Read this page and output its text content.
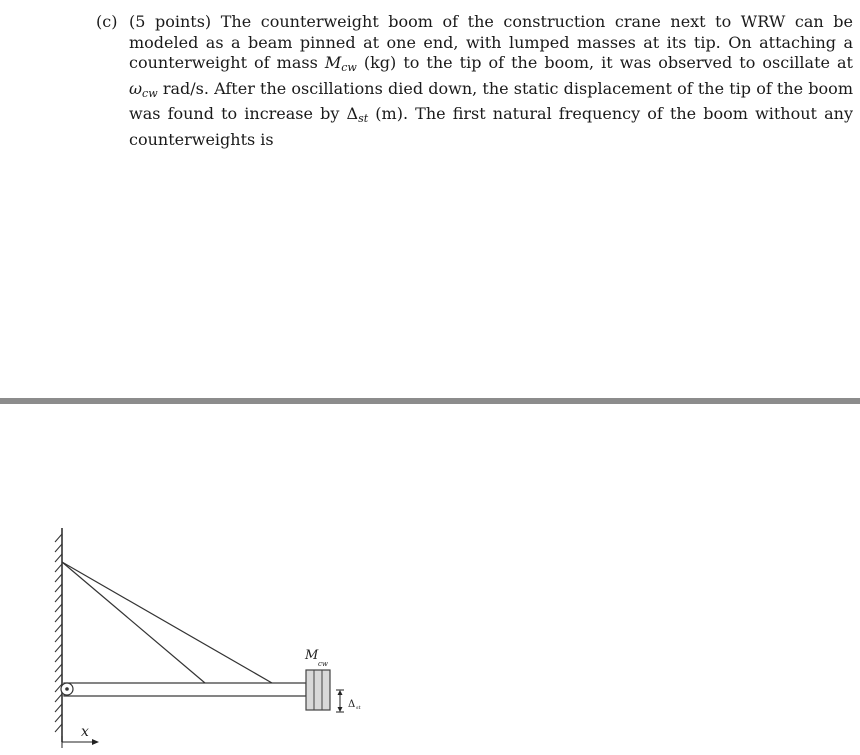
(c) (5 points) The counterweight boom of the construction crane next to WRW can be modeled as a beam pinned at one end, with lumped masses at its tip. On attaching a counterweight of mass $M_{cw}$ (kg) to the tip of the boom, it was observed to oscillate at $\omega_{cw}$ rad/s. After the oscillations died down, the static displacement of the tip of the boom was found to increase by $\Delta_{st}$ (m). The first natural frequency of the boom without any counterweights is
M
cw
Δ st
x
